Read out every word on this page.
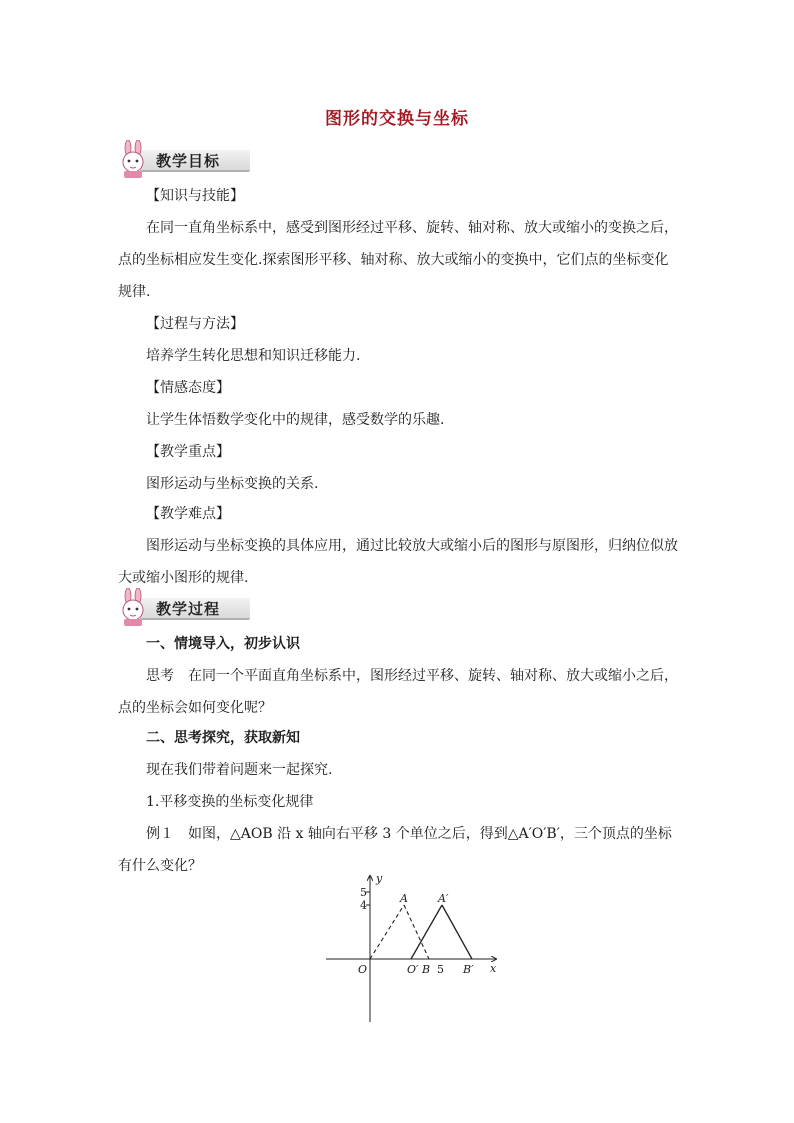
图形的交换与坐标
教学目标

【知识与技能】

在同一直角坐标系中，感受到图形经过平移、旋转、轴对称、放大或缩小的变换之后，点的坐标相应发生变化.探索图形平移、轴对称、放大或缩小的变换中，它们点的坐标变化规律.

【过程与方法】

培养学生转化思想和知识迁移能力.

【情感态度】

让学生体悟数学变化中的规律，感受数学的乐趣.

【教学重点】

图形运动与坐标变换的关系.

【教学难点】

图形运动与坐标变换的具体应用，通过比较放大或缩小后的图形与原图形，归纳位似放大或缩小图形的规律.

教学过程

一、情境导入，初步认识

思考　在同一个平面直角坐标系中，图形经过平移、旋转、轴对称、放大或缩小之后，点的坐标会如何变化呢？

二、思考探究，获取新知

现在我们带着问题来一起探究.

1.平移变换的坐标变化规律

例１　如图，△AOB 沿 x 轴向右平移 3 个单位之后，得到△A′O′B′，三个顶点的坐标有什么变化？

y
x
O
5
4
5
A	A′
O′ B	B′
